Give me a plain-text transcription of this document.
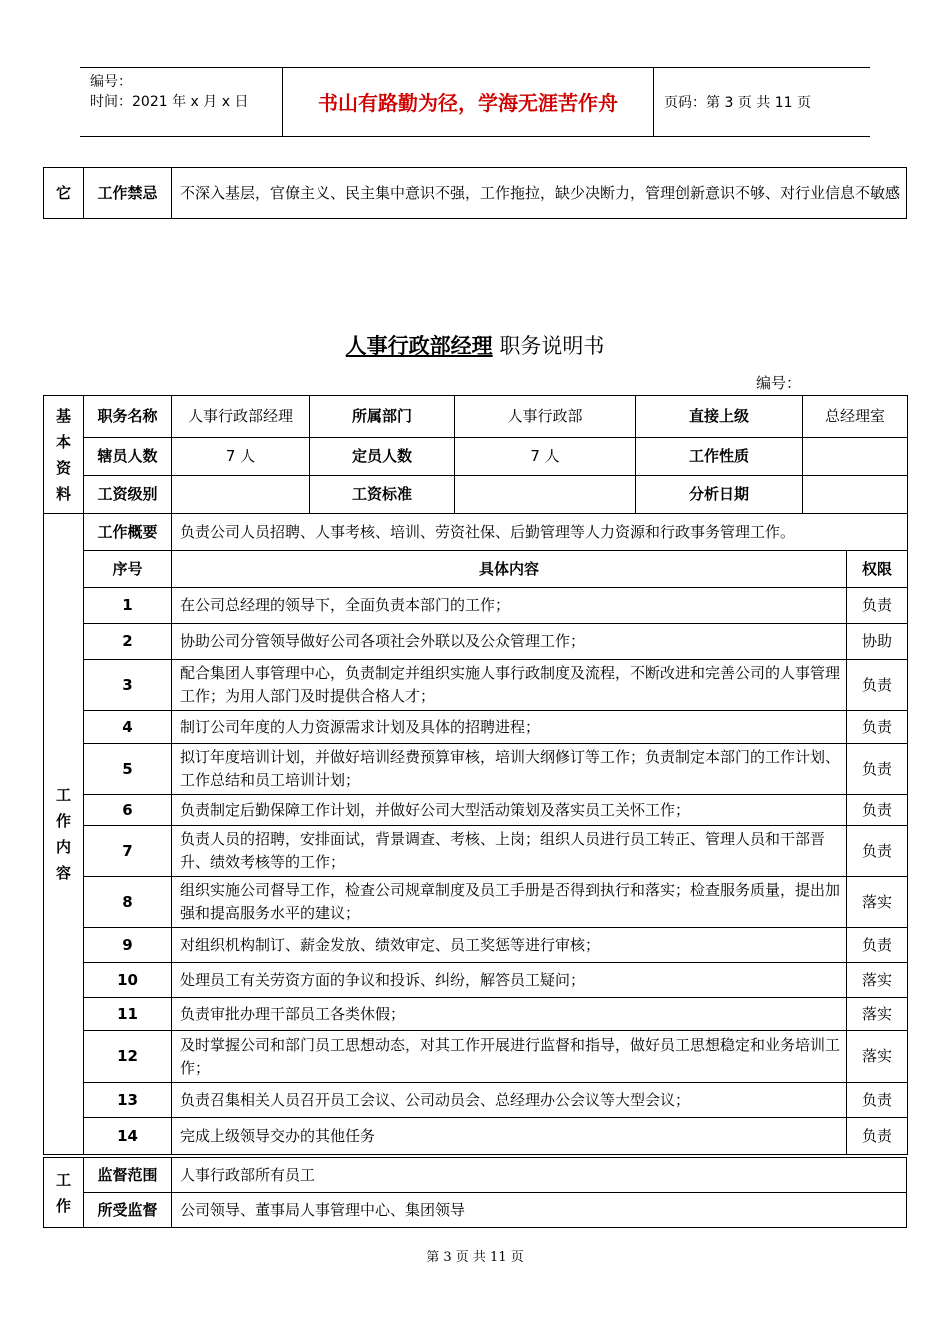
编号：
时间：2021 年 x 月 x 日	书山有路勤为径，学海无涯苦作舟	页码：第 3 页 共 11 页
它	工作禁忌	不深入基层，官僚主义、民主集中意识不强，工作拖拉，缺少决断力，管理创新意识不够、对行业信息不敏感
人事行政部经理 职务说明书
编号：
基
本
资
料	职务名称	人事行政部经理	所属部门	人事行政部	直接上级	总经理室
	辖员人数	7 人	定员人数	7 人	工作性质	
	工资级别		工资标准		分析日期	
工
作
内
容	工作概要	负责公司人员招聘、人事考核、培训、劳资社保、后勤管理等人力资源和行政事务管理工作。	
	序号	具体内容	权限
	1	在公司总经理的领导下，全面负责本部门的工作；	负责
	2	协助公司分管领导做好公司各项社会外联以及公众管理工作；	协助
	3	配合集团人事管理中心，负责制定并组织实施人事行政制度及流程，不断改进和完善公司的人事管理工作；为用人部门及时提供合格人才；	负责
	4	制订公司年度的人力资源需求计划及具体的招聘进程；	负责
	5	拟订年度培训计划，并做好培训经费预算审核，培训大纲修订等工作；负责制定本部门的工作计划、工作总结和员工培训计划；	负责
	6	负责制定后勤保障工作计划，并做好公司大型活动策划及落实员工关怀工作；	负责
	7	负责人员的招聘，安排面试，背景调查、考核、上岗；组织人员进行员工转正、管理人员和干部晋升、绩效考核等的工作；	负责
	8	组织实施公司督导工作，检查公司规章制度及员工手册是否得到执行和落实；检查服务质量，提出加强和提高服务水平的建议；	落实
	9	对组织机构制订、薪金发放、绩效审定、员工奖惩等进行审核；	负责
	10	处理员工有关劳资方面的争议和投诉、纠纷，解答员工疑问；	落实
	11	负责审批办理干部员工各类休假；	落实
	12	及时掌握公司和部门员工思想动态，对其工作开展进行监督和指导，做好员工思想稳定和业务培训工作；	落实
	13	负责召集相关人员召开员工会议、公司动员会、总经理办公会议等大型会议；	负责
	14	完成上级领导交办的其他任务	负责
工
作	监督范围	人事行政部所有员工
	所受监督	公司领导、董事局人事管理中心、集团领导
第 3 页 共 11 页
